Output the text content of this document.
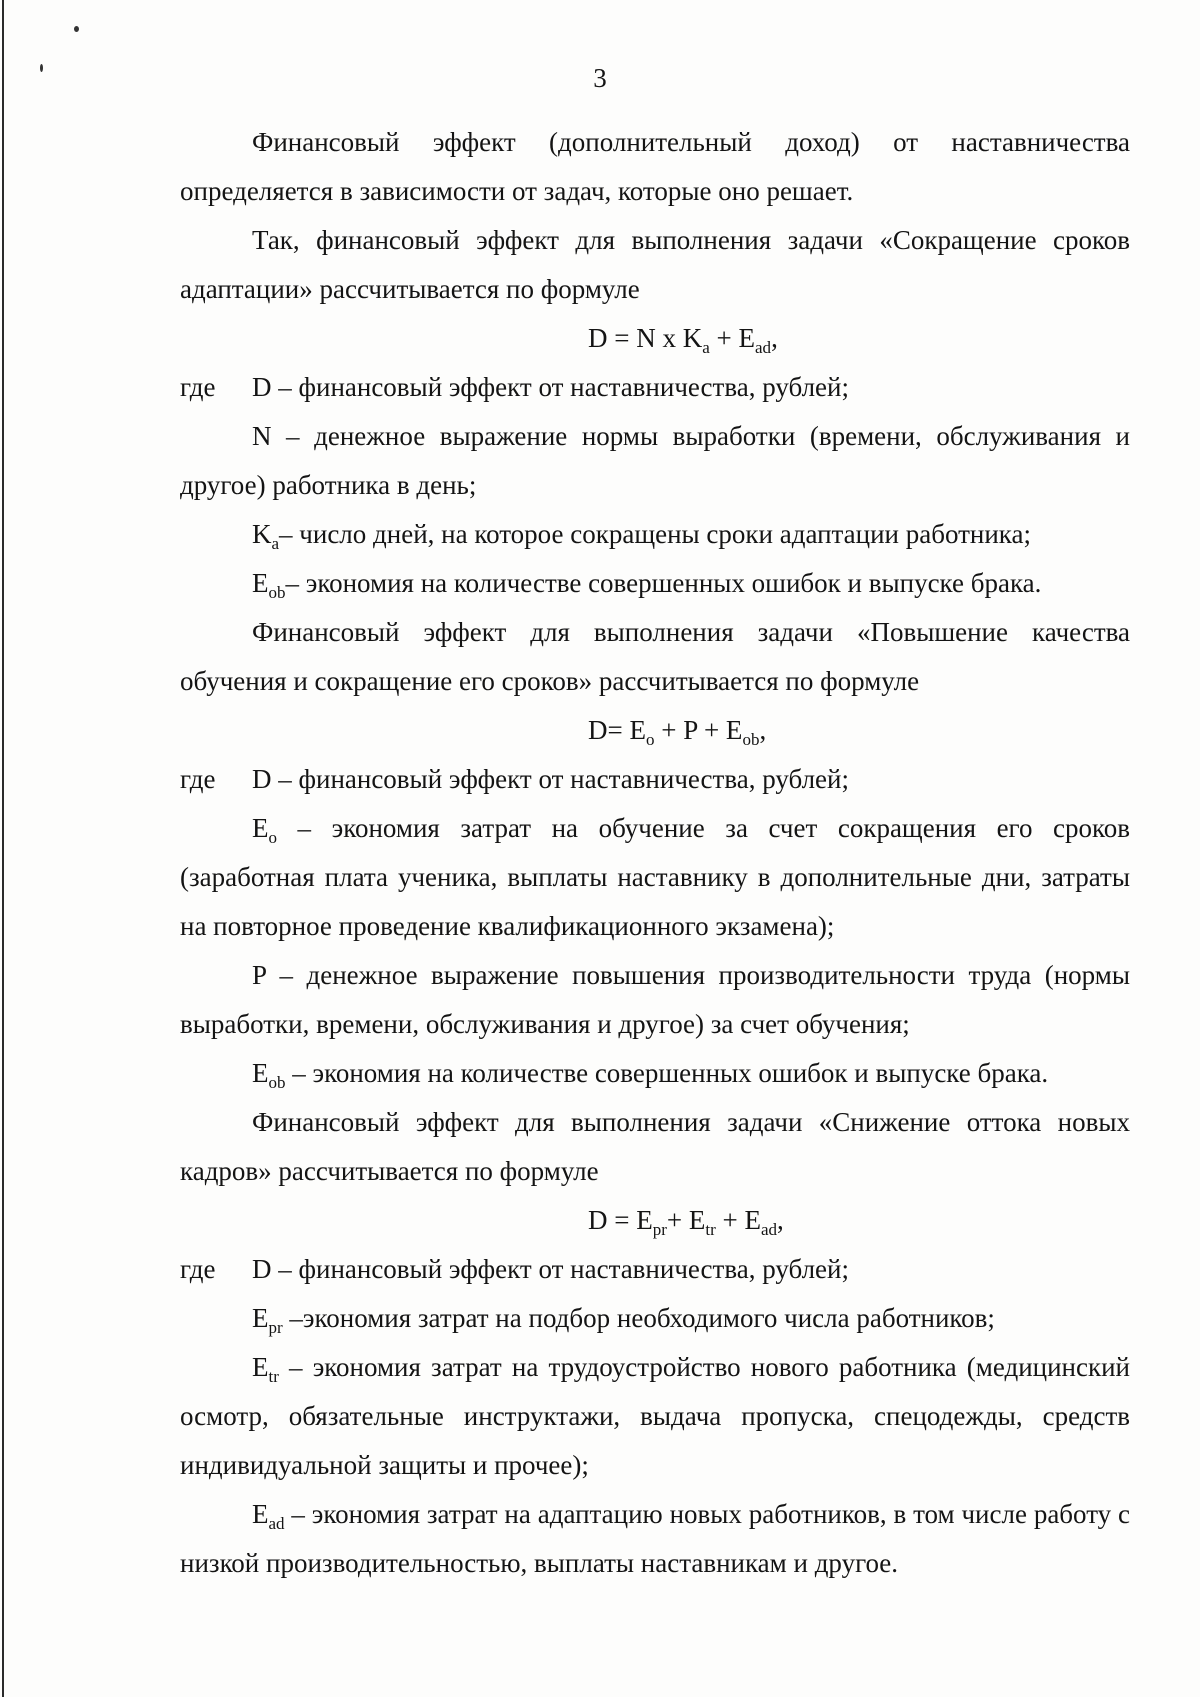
3

Финансовый эффект (дополнительный доход) от наставничества определяется в зависимости от задач, которые оно решает.

Так, финансовый эффект для выполнения задачи «Сокращение сроков адаптации» рассчитывается по формуле

D = N x $K_a + E_{ad}$,

где	D – финансовый эффект от наставничества, рублей;

N – денежное выражение нормы выработки (времени, обслуживания и другое) работника в день;

$K_a-$ число дней, на которое сокращены сроки адаптации работника;

$E_{ob}-$ экономия на количестве совершенных ошибок и выпуске брака.

Финансовый эффект для выполнения задачи «Повышение качества обучения и сокращение его сроков» рассчитывается по формуле

$D= E_o + P + E_{ob}$,

где	D – финансовый эффект от наставничества, рублей;

$E_o$ – экономия затрат на обучение за счет сокращения его сроков (заработная плата ученика, выплаты наставнику в дополнительные дни, затраты на повторное проведение квалификационного экзамена);

P – денежное выражение повышения производительности труда (нормы выработки, времени, обслуживания и другое) за счет обучения;

$E_{ob}$ – экономия на количестве совершенных ошибок и выпуске брака.

Финансовый эффект для выполнения задачи «Снижение оттока новых кадров» рассчитывается по формуле

$D = E_{pr}+ E_{tr} + E_{ad}$,

где	D – финансовый эффект от наставничества, рублей;

$E_{pr}$ –экономия затрат на подбор необходимого числа работников;

$E_{tr}$ – экономия затрат на трудоустройство нового работника (медицинский осмотр, обязательные инструктажи, выдача пропуска, спецодежды, средств индивидуальной защиты и прочее);

$E_{ad}$ – экономия затрат на адаптацию новых работников, в том числе работу с низкой производительностью, выплаты наставникам и другое.
